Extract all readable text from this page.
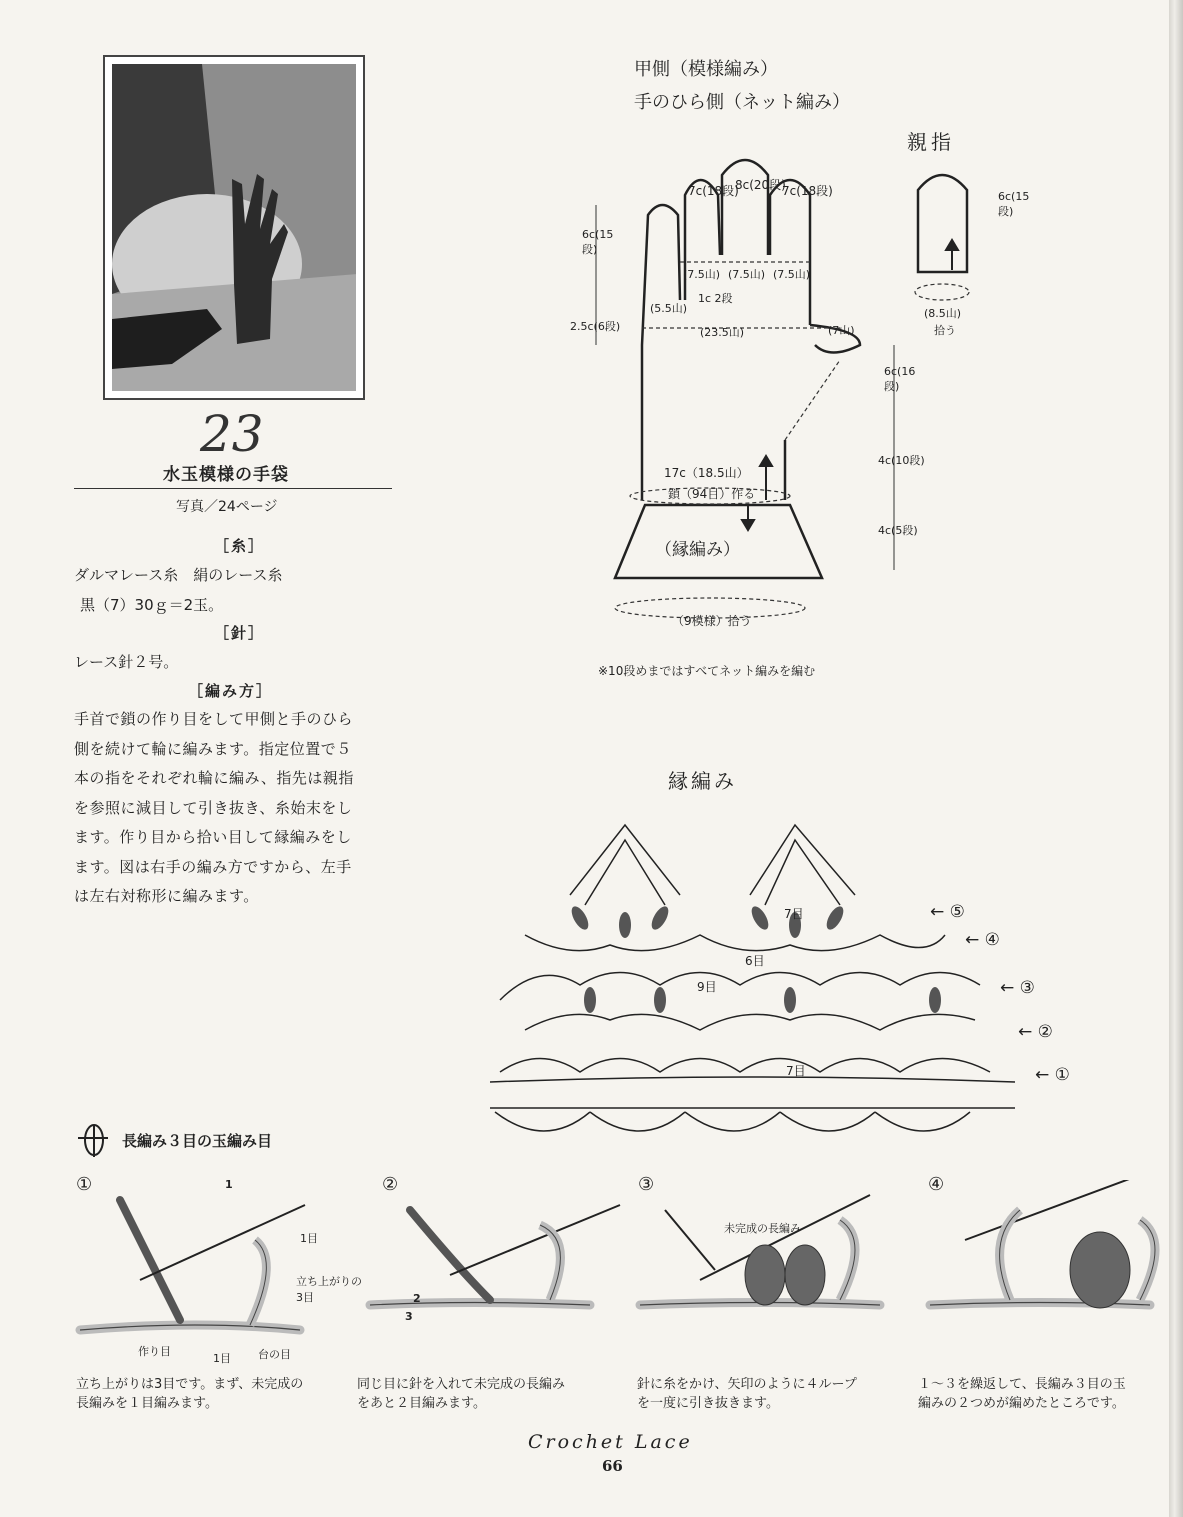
23
水玉模様の手袋
写真／24ページ
［糸］
ダルマレース糸　絹のレース糸
黒（7）30ｇ＝2玉。
［針］
レース針２号。
［編み方］
手首で鎖の作り目をして甲側と手のひら
側を続けて輪に編みます。指定位置で５
本の指をそれぞれ輪に編み、指先は親指
を参照に減目して引き抜き、糸始末をし
ます。作り目から拾い目して縁編みをし
ます。図は右手の編み方ですから、左手
は左右対称形に編みます。
甲側（模様編み）
手のひら側（ネット編み）
親指
7c(18段)
8c(20段)
7c(18段)
(7.5山) (7.5山) (7.5山)
(5.5山)
1c 2段
(23.5山)	(7山)
6c(15段)
2.5c(6段)
6c(16段)
4c(10段)
4c(5段)
17c（18.5山）
鎖（94目）作る
（縁編み）
（9模様）拾う
6c(15段)
(8.5山)
拾う
※10段めまではすべてネット編みを編む
縁編み
7目
6目
9目
7目
← ⑤
← ④
← ③
← ②
← ①
長編み３目の玉編み目
①	②	③	④
1
1目
立ち上がりの3目
作り目
1目 台の目
2
3
未完成の長編み
立ち上がりは3目です。まず、未完成の
長編みを１目編みます。
同じ目に針を入れて未完成の長編み
をあと２目編みます。
針に糸をかけ、矢印のように４ループ
を一度に引き抜きます。
１～３を繰返して、長編み３目の玉
編みの２つめが編めたところです。
Crochet Lace
66
